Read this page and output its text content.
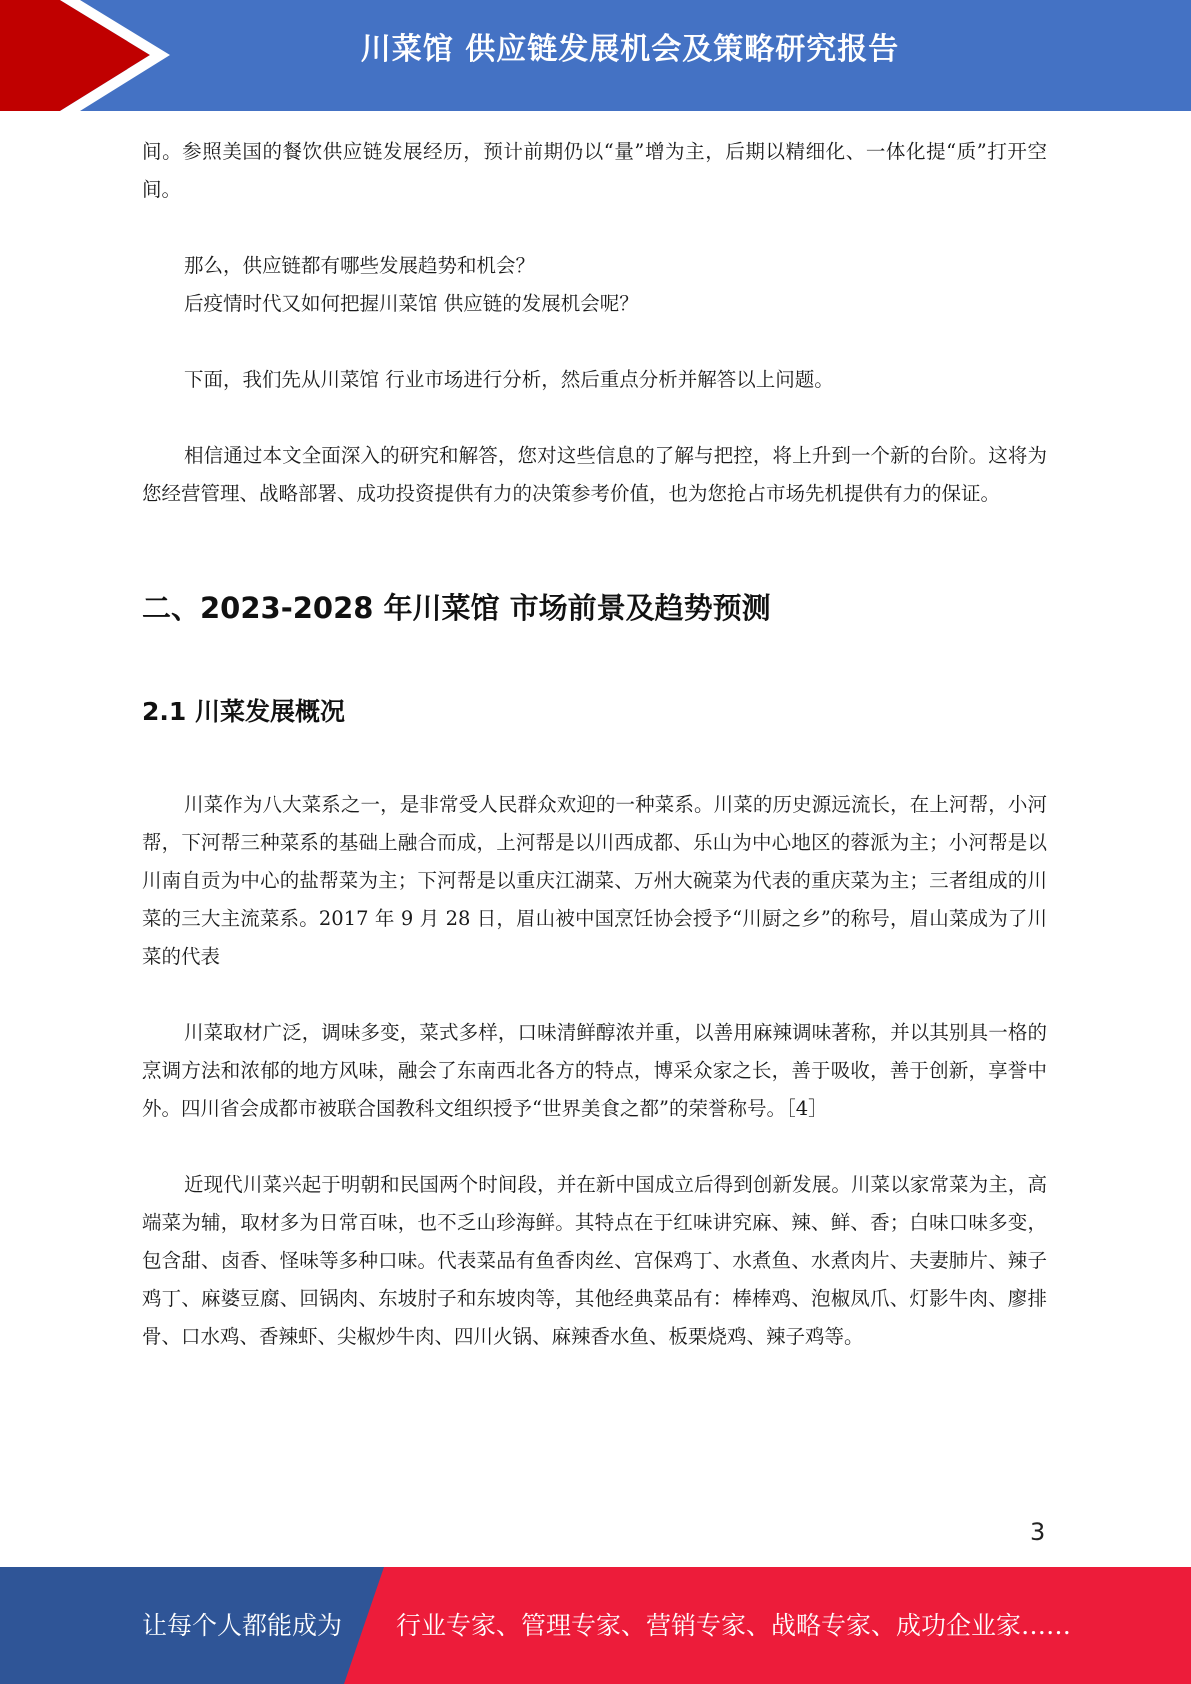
川菜馆 供应链发展机会及策略研究报告

间。参照美国的餐饮供应链发展经历，预计前期仍以“量”增为主，后期以精细化、一体化提“质”打开空间。

那么，供应链都有哪些发展趋势和机会？

后疫情时代又如何把握川菜馆 供应链的发展机会呢？

下面，我们先从川菜馆 行业市场进行分析，然后重点分析并解答以上问题。

相信通过本文全面深入的研究和解答，您对这些信息的了解与把控，将上升到一个新的台阶。这将为您经营管理、战略部署、成功投资提供有力的决策参考价值，也为您抢占市场先机提供有力的保证。

二、2023-2028 年川菜馆 市场前景及趋势预测
2.1 川菜发展概况

川菜作为八大菜系之一，是非常受人民群众欢迎的一种菜系。川菜的历史源远流长，在上河帮，小河帮，下河帮三种菜系的基础上融合而成，上河帮是以川西成都、乐山为中心地区的蓉派为主；小河帮是以川南自贡为中心的盐帮菜为主；下河帮是以重庆江湖菜、万州大碗菜为代表的重庆菜为主；三者组成的川菜的三大主流菜系。2017 年 9 月 28 日，眉山被中国烹饪协会授予“川厨之乡”的称号，眉山菜成为了川菜的代表

川菜取材广泛，调味多变，菜式多样，口味清鲜醇浓并重，以善用麻辣调味著称，并以其别具一格的烹调方法和浓郁的地方风味，融会了东南西北各方的特点，博采众家之长，善于吸收，善于创新，享誉中外。四川省会成都市被联合国教科文组织授予“世界美食之都”的荣誉称号。［4］

近现代川菜兴起于明朝和民国两个时间段，并在新中国成立后得到创新发展。川菜以家常菜为主，高端菜为辅，取材多为日常百味，也不乏山珍海鲜。其特点在于红味讲究麻、辣、鲜、香；白味口味多变，包含甜、卤香、怪味等多种口味。代表菜品有鱼香肉丝、宫保鸡丁、水煮鱼、水煮肉片、夫妻肺片、辣子鸡丁、麻婆豆腐、回锅肉、东坡肘子和东坡肉等，其他经典菜品有：棒棒鸡、泡椒凤爪、灯影牛肉、廖排骨、口水鸡、香辣虾、尖椒炒牛肉、四川火锅、麻辣香水鱼、板栗烧鸡、辣子鸡等。

3
让每个人都能成为 行业专家、管理专家、营销专家、战略专家、成功企业家……
